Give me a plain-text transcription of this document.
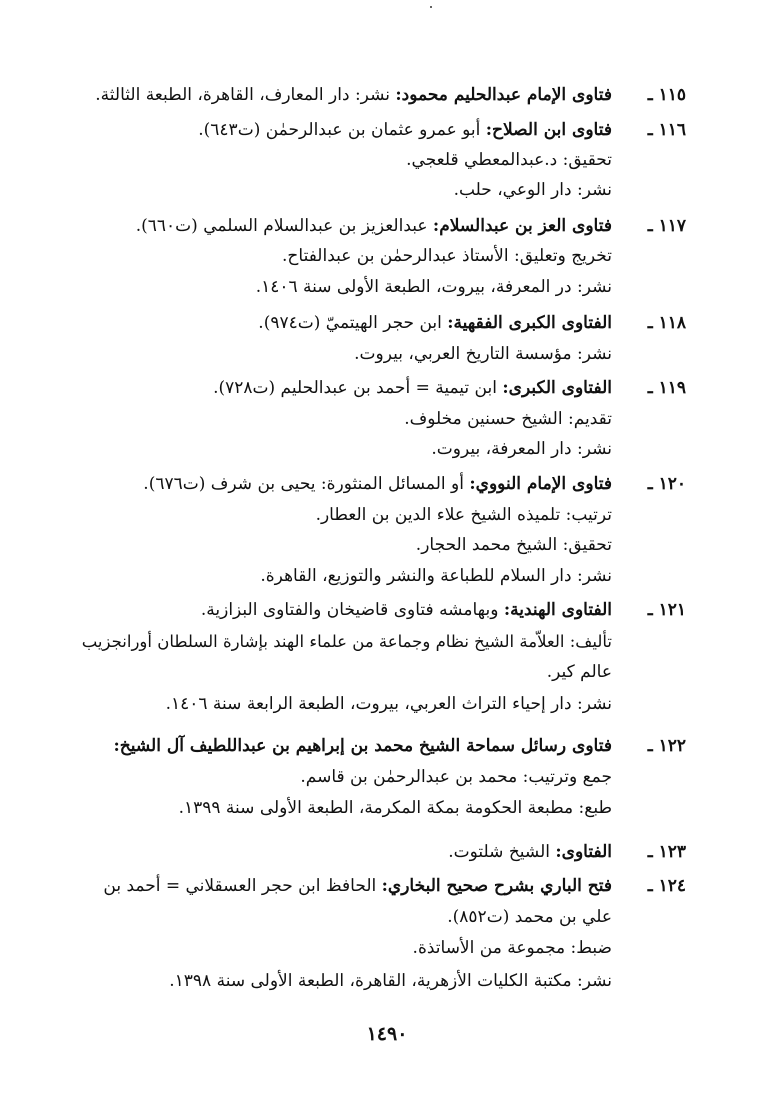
١١٥ ـ
فتاوى الإمام عبدالحليم محمود: نشر: دار المعارف، القاهرة، الطبعة الثالثة.
١١٦ ـ
فتاوى ابن الصلاح: أبو عمرو عثمان بن عبدالرحمٰن (ت٦٤٣).
تحقيق: د.عبدالمعطي قلعجي.
نشر: دار الوعي، حلب.
١١٧ ـ
فتاوى العز بن عبدالسلام: عبدالعزيز بن عبدالسلام السلمي (ت٦٦٠).
تخريج وتعليق: الأستاذ عبدالرحمٰن بن عبدالفتاح.
نشر: در المعرفة، بيروت، الطبعة الأولى سنة ١٤٠٦.
١١٨ ـ
الفتاوى الكبرى الفقهية: ابن حجر الهيتميّ (ت٩٧٤).
نشر: مؤسسة التاريخ العربي، بيروت.
١١٩ ـ
الفتاوى الكبرى: ابن تيمية = أحمد بن عبدالحليم (ت٧٢٨).
تقديم: الشيخ حسنين مخلوف.
نشر: دار المعرفة، بيروت.
١٢٠ ـ
فتاوى الإمام النووي: أو المسائل المنثورة: يحيى بن شرف (ت٦٧٦).
ترتيب: تلميذه الشيخ علاء الدين بن العطار.
تحقيق: الشيخ محمد الحجار.
نشر: دار السلام للطباعة والنشر والتوزيع، القاهرة.
١٢١ ـ
الفتاوى الهندية: وبهامشه فتاوى قاضيخان والفتاوى البزازية.
تأليف: العلاّمة الشيخ نظام وجماعة من علماء الهند بإشارة السلطان أورانجزيب
عالم كير.
نشر: دار إحياء التراث العربي، بيروت، الطبعة الرابعة سنة ١٤٠٦.
١٢٢ ـ
فتاوى رسائل سماحة الشيخ محمد بن إبراهيم بن عبداللطيف آل الشيخ:
جمع وترتيب: محمد بن عبدالرحمٰن بن قاسم.
طبع: مطبعة الحكومة بمكة المكرمة، الطبعة الأولى سنة ١٣٩٩.
١٢٣ ـ
الفتاوى: الشيخ شلتوت.
١٢٤ ـ
فتح الباري بشرح صحيح البخاري: الحافظ ابن حجر العسقلاني = أحمد بن
علي بن محمد (ت٨٥٢).
ضبط: مجموعة من الأساتذة.
نشر: مكتبة الكليات الأزهرية، القاهرة، الطبعة الأولى سنة ١٣٩٨.
١٤٩٠
